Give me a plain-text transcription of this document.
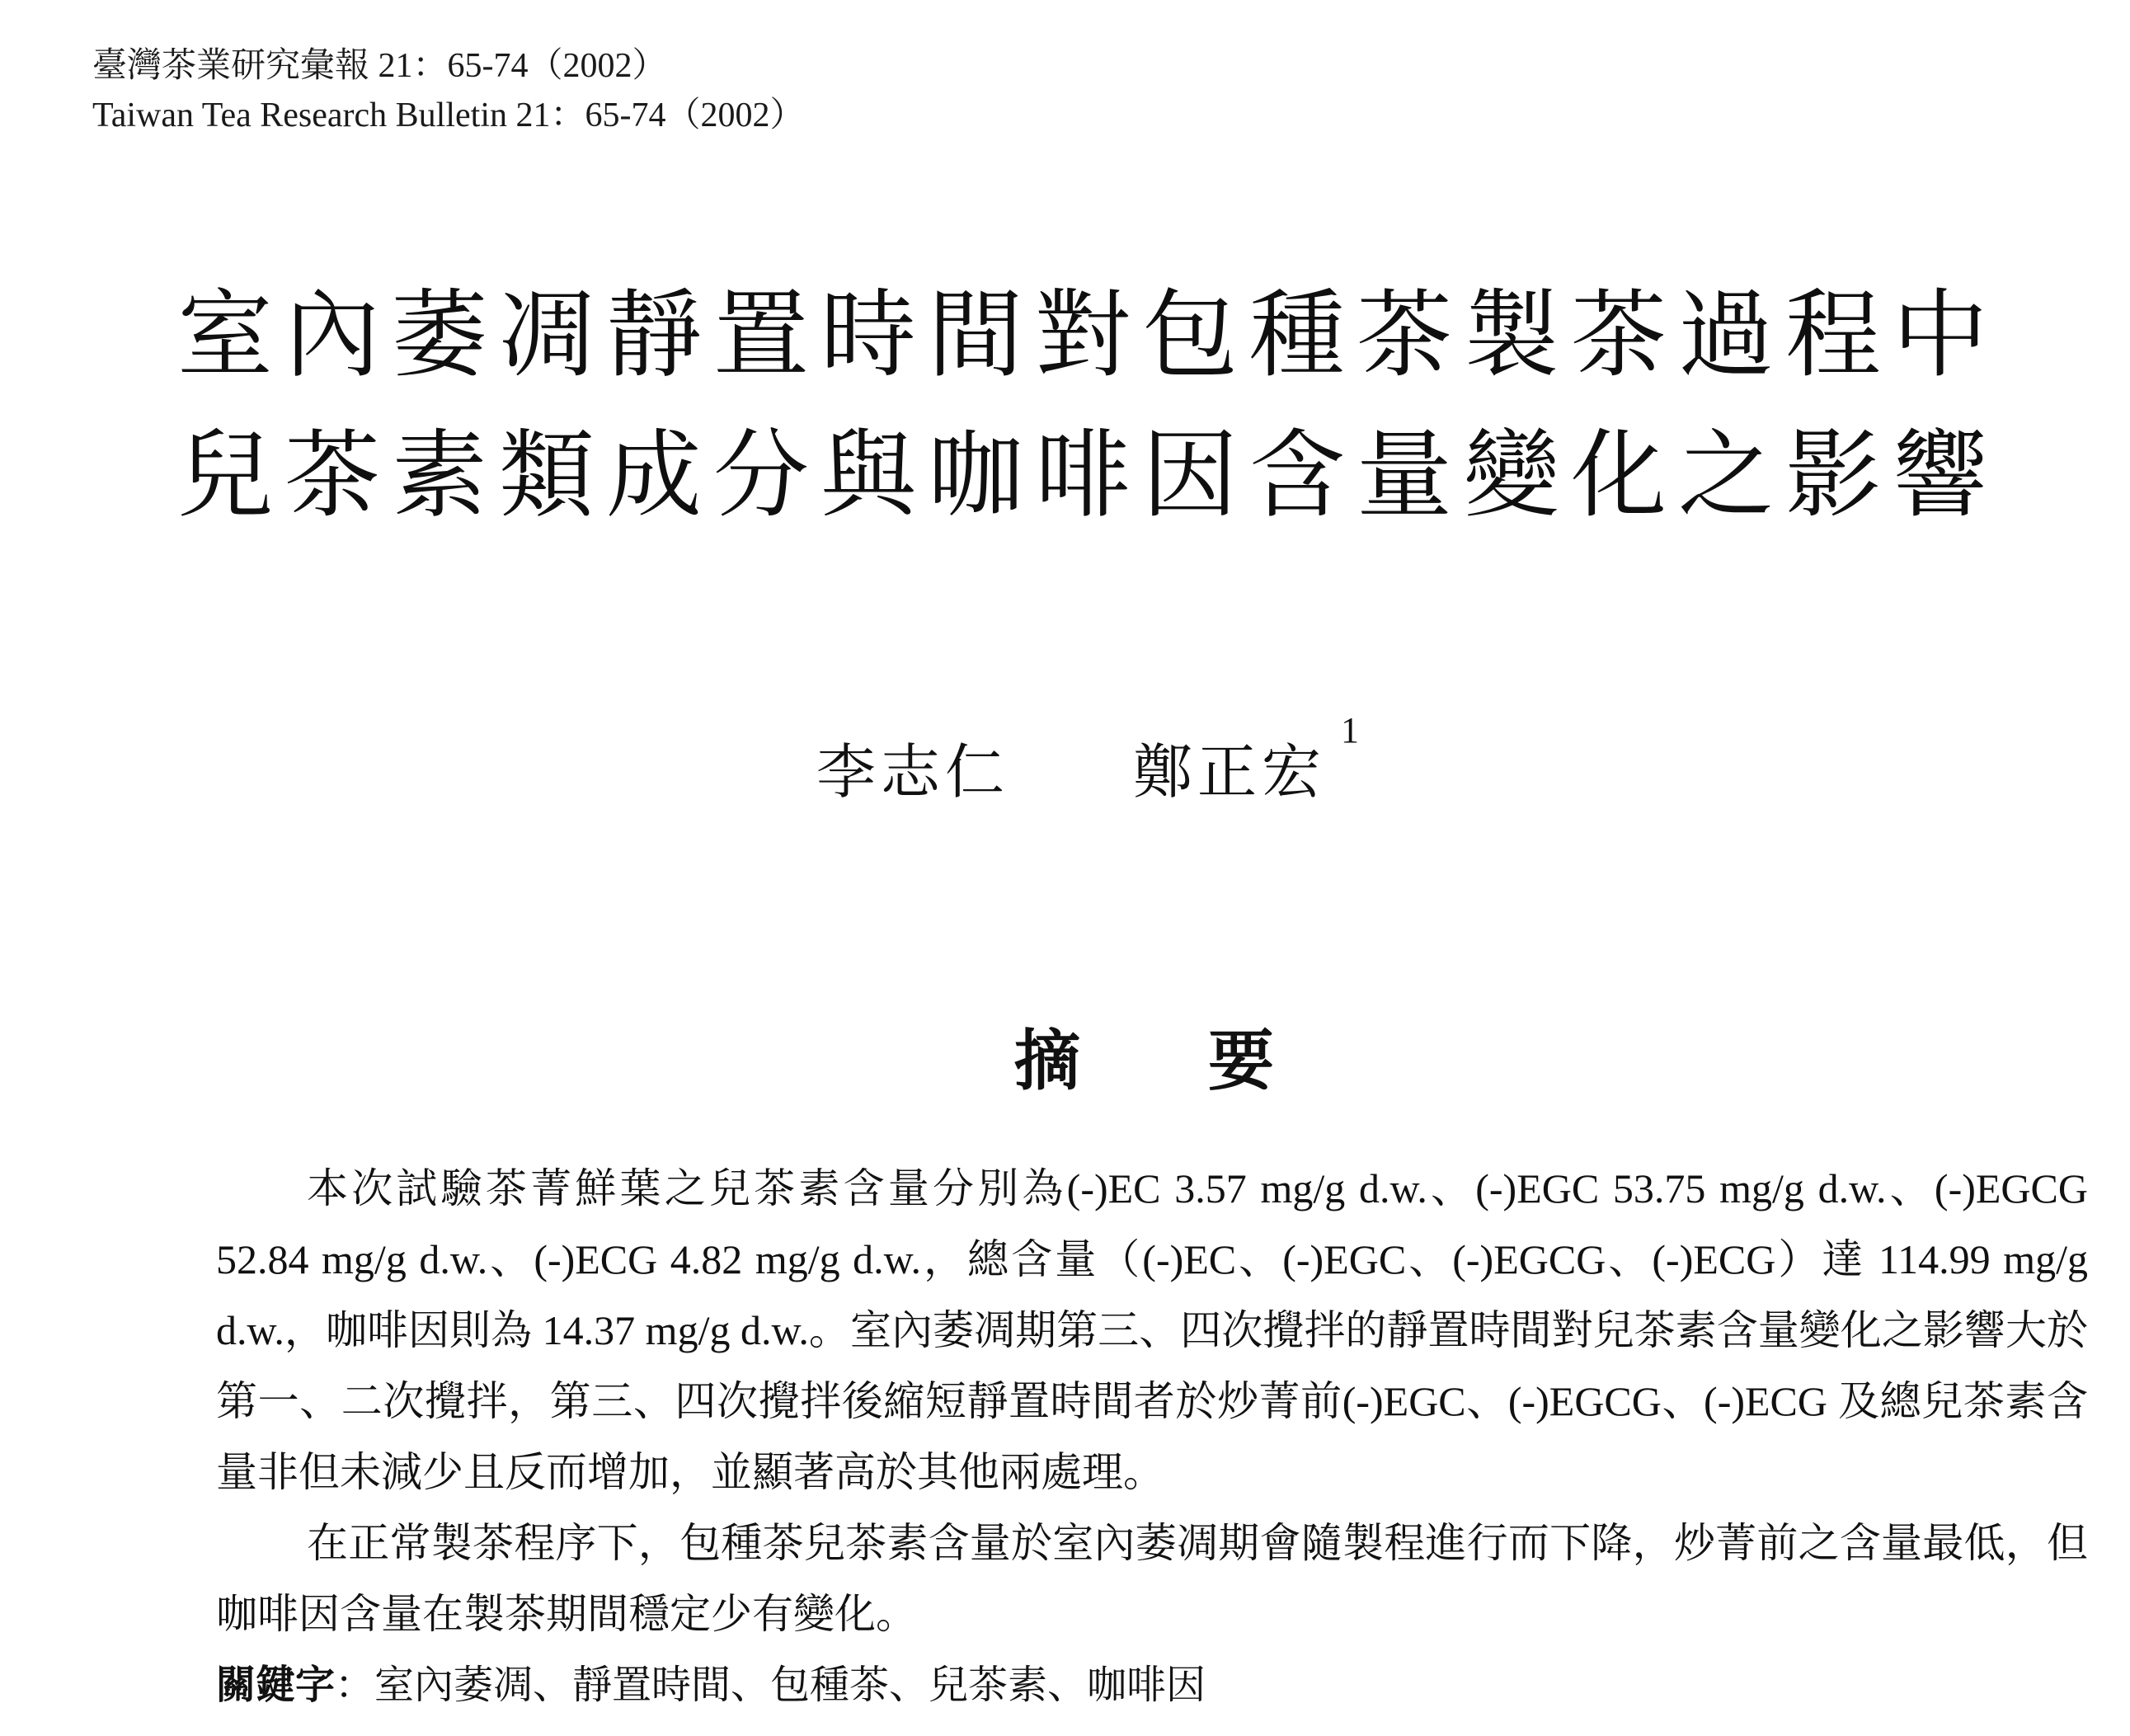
臺灣茶業研究彙報 21：65-74（2002）
Taiwan Tea Research Bulletin 21：65-74（2002）
室內萎凋靜置時間對包種茶製茶過程中
兒茶素類成分與咖啡因含量變化之影響
李志仁 鄭正宏$^1$
摘 要

本次試驗茶菁鮮葉之兒茶素含量分別為(-)EC 3.57 mg/g d.w.、(-)EGC 53.75 mg/g d.w.、(-)EGCG 52.84 mg/g d.w.、(-)ECG 4.82 mg/g d.w.，總含量（(-)EC、(-)EGC、(-)EGCG、(-)ECG）達 114.99 mg/g d.w.，咖啡因則為 14.37 mg/g d.w.。室內萎凋期第三、四次攪拌的靜置時間對兒茶素含量變化之影響大於第一、二次攪拌，第三、四次攪拌後縮短靜置時間者於炒菁前(-)EGC、(-)EGCG、(-)ECG 及總兒茶素含量非但未減少且反而增加，並顯著高於其他兩處理。

在正常製茶程序下，包種茶兒茶素含量於室內萎凋期會隨製程進行而下降，炒菁前之含量最低，但咖啡因含量在製茶期間穩定少有變化。

關鍵字：室內萎凋、靜置時間、包種茶、兒茶素、咖啡因
